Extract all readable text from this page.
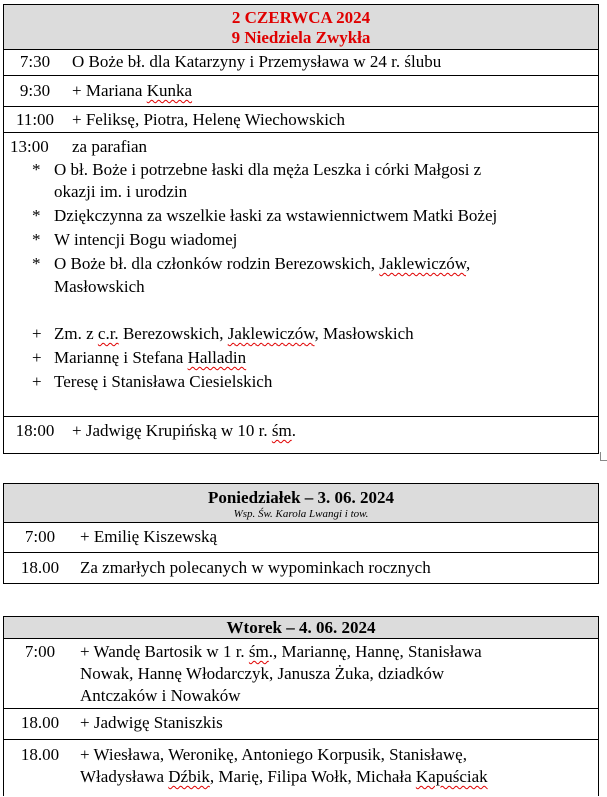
2 CZERWCA 2024
9 Niedziela Zwykła
7:30	O Boże bł. dla Katarzyny i Przemysława w 24 r. ślubu
9:30	+ Mariana Kunka
11:00	+ Feliksę, Piotra, Helenę Wiechowskich
13:00 za parafian
* O bł. Boże i potrzebne łaski dla męża Leszka i córki Małgosi z
okazji im. i urodzin
* Dziękczynna za wszelkie łaski za wstawiennictwem Matki Bożej
* W intencji Bogu wiadomej
* O Boże bł. dla członków rodzin Berezowskich, Jaklewiczów,
Masłowskich
+ Zm. z c.r. Berezowskich, Jaklewiczów, Masłowskich
+ Mariannę i Stefana Halladin
+ Teresę i Stanisława Ciesielskich
18:00	+ Jadwigę Krupińską w 10 r. śm.
Poniedziałek – 3. 06. 2024
Wsp. Św. Karola Lwangi i tow.
7:00	+ Emilię Kiszewską
18.00	Za zmarłych polecanych w wypominkach rocznych
Wtorek – 4. 06. 2024
7:00	+ Wandę Bartosik w 1 r. śm., Mariannę, Hannę, Stanisława
Nowak, Hannę Włodarczyk, Janusza Żuka, dziadków
Antczaków i Nowaków
18.00	+ Jadwigę Staniszkis
18.00	+ Wiesława, Weronikę, Antoniego Korpusik, Stanisławę,
Władysława Dźbik, Marię, Filipa Wołk, Michała Kapuściak
